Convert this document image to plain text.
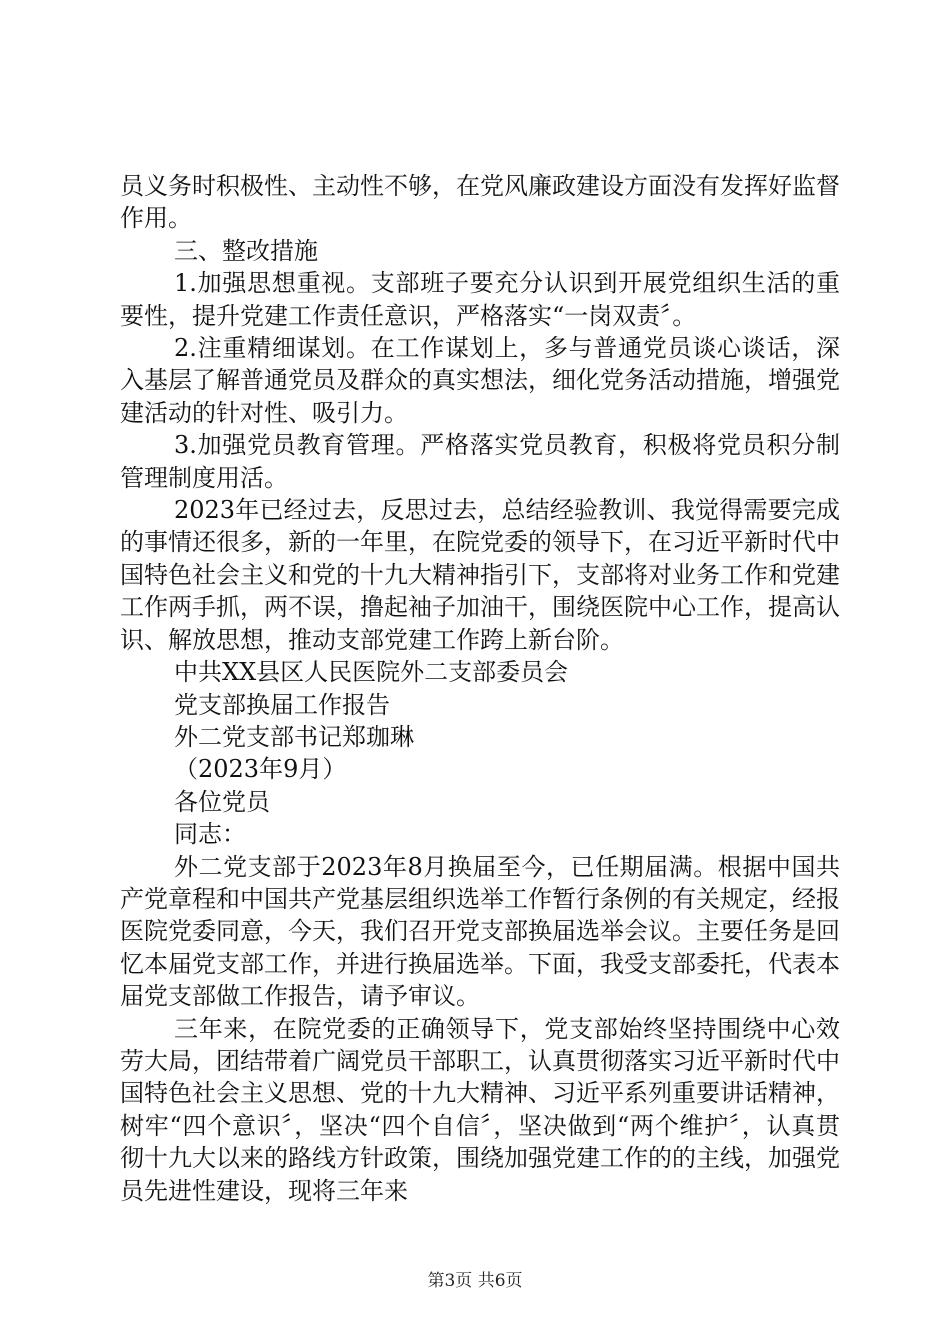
员义务时积极性、主动性不够，在党风廉政建设方面没有发挥好监督作用。

三、整改措施

1.加强思想重视。支部班子要充分认识到开展党组织生活的重要性，提升党建工作责任意识，严格落实“一岗双责〞。

2.注重精细谋划。在工作谋划上，多与普通党员谈心谈话，深入基层了解普通党员及群众的真实想法，细化党务活动措施，增强党建活动的针对性、吸引力。

3.加强党员教育管理。严格落实党员教育，积极将党员积分制管理制度用活。

2023年已经过去，反思过去，总结经验教训、我觉得需要完成的事情还很多，新的一年里，在院党委的领导下，在习近平新时代中国特色社会主义和党的十九大精神指引下，支部将对业务工作和党建工作两手抓，两不误，撸起袖子加油干，围绕医院中心工作，提高认识、解放思想，推动支部党建工作跨上新台阶。

中共XX县区人民医院外二支部委员会

党支部换届工作报告

外二党支部书记郑珈琳

（2023年9月）

各位党员

同志：

外二党支部于2023年8月换届至今，已任期届满。根据中国共产党章程和中国共产党基层组织选举工作暂行条例的有关规定，经报医院党委同意，今天，我们召开党支部换届选举会议。主要任务是回忆本届党支部工作，并进行换届选举。下面，我受支部委托，代表本届党支部做工作报告，请予审议。

三年来，在院党委的正确领导下，党支部始终坚持围绕中心效劳大局，团结带着广阔党员干部职工，认真贯彻落实习近平新时代中国特色社会主义思想、党的十九大精神、习近平系列重要讲话精神，树牢“四个意识〞，坚决“四个自信〞，坚决做到“两个维护〞，认真贯彻十九大以来的路线方针政策，围绕加强党建工作的的主线，加强党员先进性建设，现将三年来

第3页 共6页
